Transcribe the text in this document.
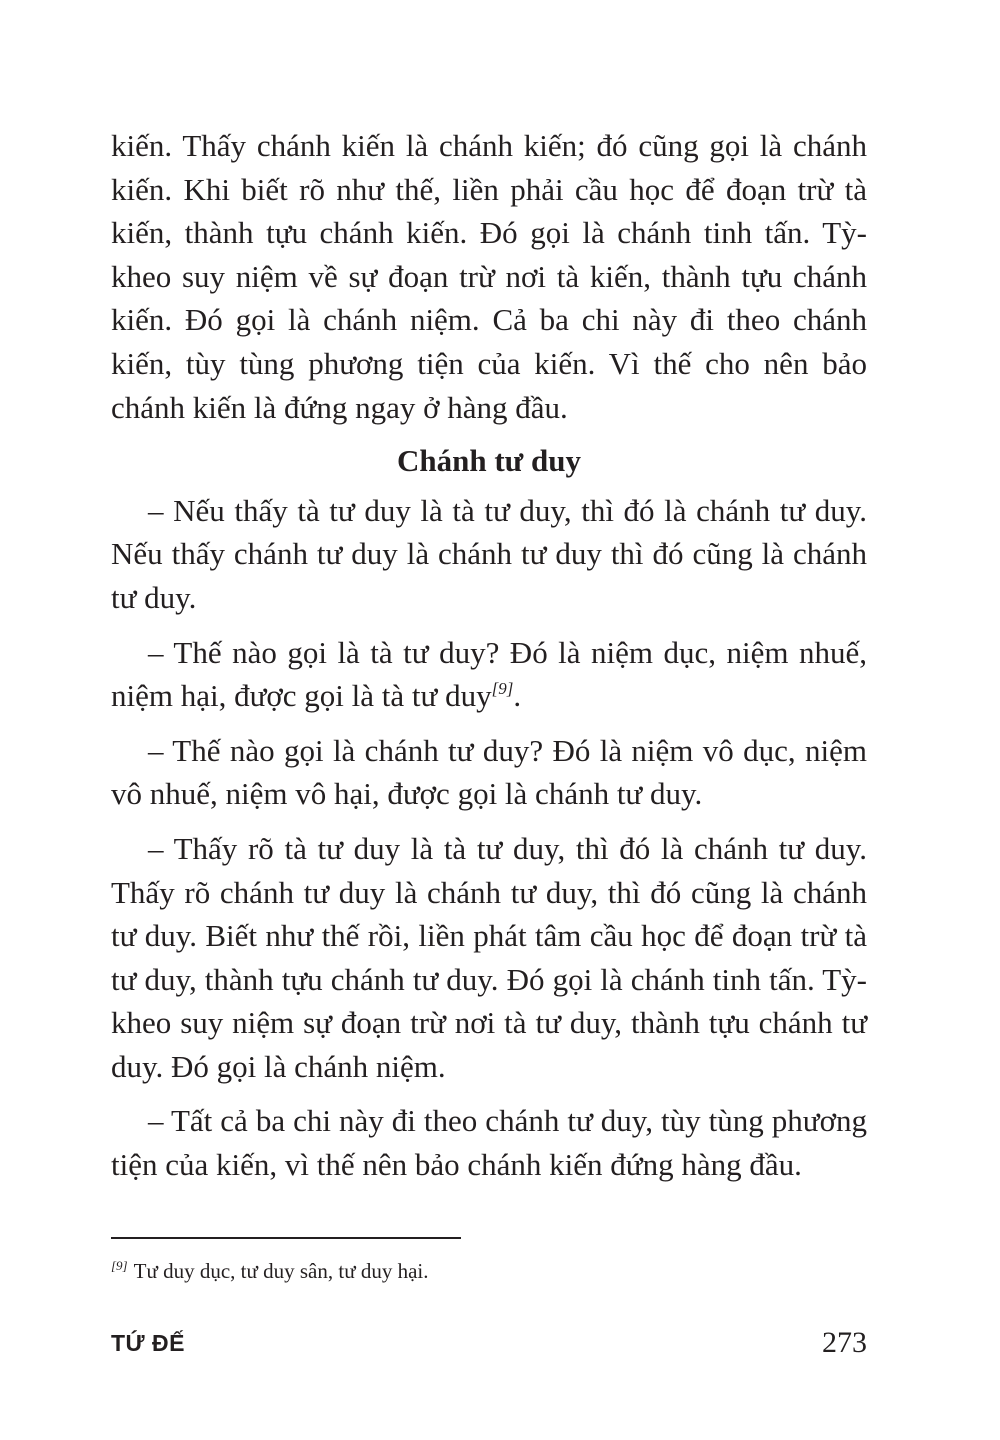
kiến. Thấy chánh kiến là chánh kiến; đó cũng gọi là chánh kiến. Khi biết rõ như thế, liền phải cầu học để đoạn trừ tà kiến, thành tựu chánh kiến. Đó gọi là chánh tinh tấn. Tỳ-kheo suy niệm về sự đoạn trừ nơi tà kiến, thành tựu chánh kiến. Đó gọi là chánh niệm. Cả ba chi này đi theo chánh kiến, tùy tùng phương tiện của kiến. Vì thế cho nên bảo chánh kiến là đứng ngay ở hàng đầu.

Chánh tư duy

– Nếu thấy tà tư duy là tà tư duy, thì đó là chánh tư duy. Nếu thấy chánh tư duy là chánh tư duy thì đó cũng là chánh tư duy.

– Thế nào gọi là tà tư duy? Đó là niệm dục, niệm nhuế, niệm hại, được gọi là tà tư duy[9].

– Thế nào gọi là chánh tư duy? Đó là niệm vô dục, niệm vô nhuế, niệm vô hại, được gọi là chánh tư duy.

– Thấy rõ tà tư duy là tà tư duy, thì đó là chánh tư duy. Thấy rõ chánh tư duy là chánh tư duy, thì đó cũng là chánh tư duy. Biết như thế rồi, liền phát tâm cầu học để đoạn trừ tà tư duy, thành tựu chánh tư duy. Đó gọi là chánh tinh tấn. Tỳ-kheo suy niệm sự đoạn trừ nơi tà tư duy, thành tựu chánh tư duy. Đó gọi là chánh niệm.

– Tất cả ba chi này đi theo chánh tư duy, tùy tùng phương tiện của kiến, vì thế nên bảo chánh kiến đứng hàng đầu.

[9] Tư duy dục, tư duy sân, tư duy hại.

TỨ ĐẾ	273
